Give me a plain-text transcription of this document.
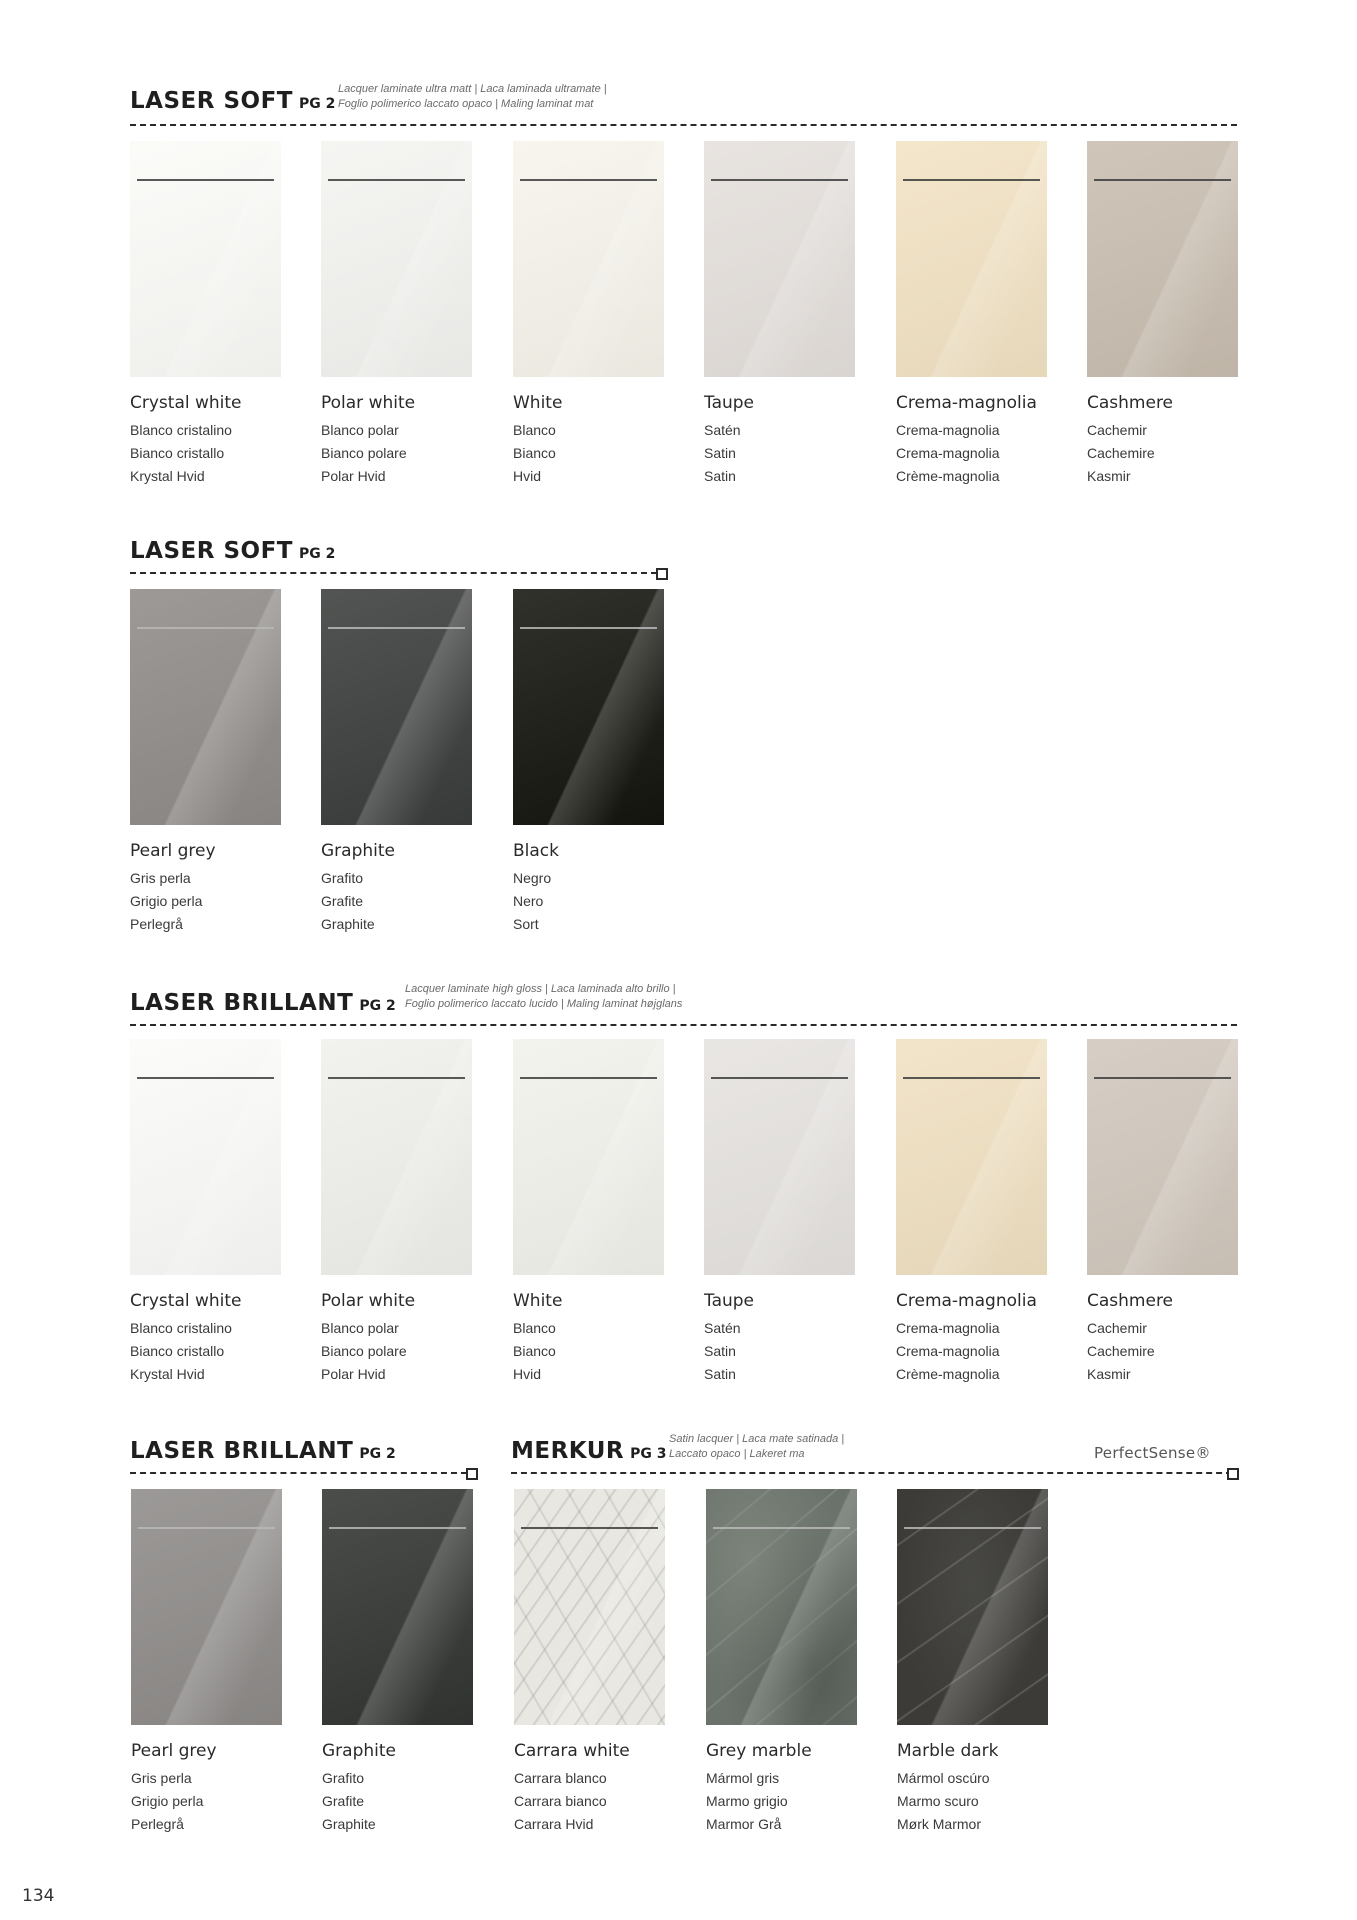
LASER SOFT PG 2
Lacquer laminate ultra matt | Laca laminada ultramate |
Foglio polimerico laccato opaco | Maling laminat mat
LASER SOFT PG 2
LASER BRILLANT PG 2
Lacquer laminate high gloss | Laca laminada alto brillo |
Foglio polimerico laccato lucido | Maling laminat højglans
LASER BRILLANT PG 2	MERKUR PG 3
Satin lacquer | Laca mate satinada |
Laccato opaco | Lakeret ma	PerfectSense®
Crystal white
Blanco cristalino
Bianco cristallo
Krystal Hvid
Polar white
Blanco polar
Bianco polare
Polar Hvid
White
Blanco
Bianco
Hvid
Taupe
Satén
Satin
Satin
Crema-magnolia
Crema-magnolia
Crema-magnolia
Crème-magnolia
Cashmere
Cachemir
Cachemire
Kasmir
Pearl grey
Gris perla
Grigio perla
Perlegrå
Graphite
Grafito
Grafite
Graphite
Black
Negro
Nero
Sort
Crystal white
Blanco cristalino
Bianco cristallo
Krystal Hvid
Polar white
Blanco polar
Bianco polare
Polar Hvid
White
Blanco
Bianco
Hvid
Taupe
Satén
Satin
Satin
Crema-magnolia
Crema-magnolia
Crema-magnolia
Crème-magnolia
Cashmere
Cachemir
Cachemire
Kasmir
Pearl grey
Gris perla
Grigio perla
Perlegrå
Graphite
Grafito
Grafite
Graphite
Carrara white
Carrara blanco
Carrara bianco
Carrara Hvid
Grey marble
Mármol gris
Marmo grigio
Marmor Grå
Marble dark
Mármol oscúro
Marmo scuro
Mørk Marmor
134
